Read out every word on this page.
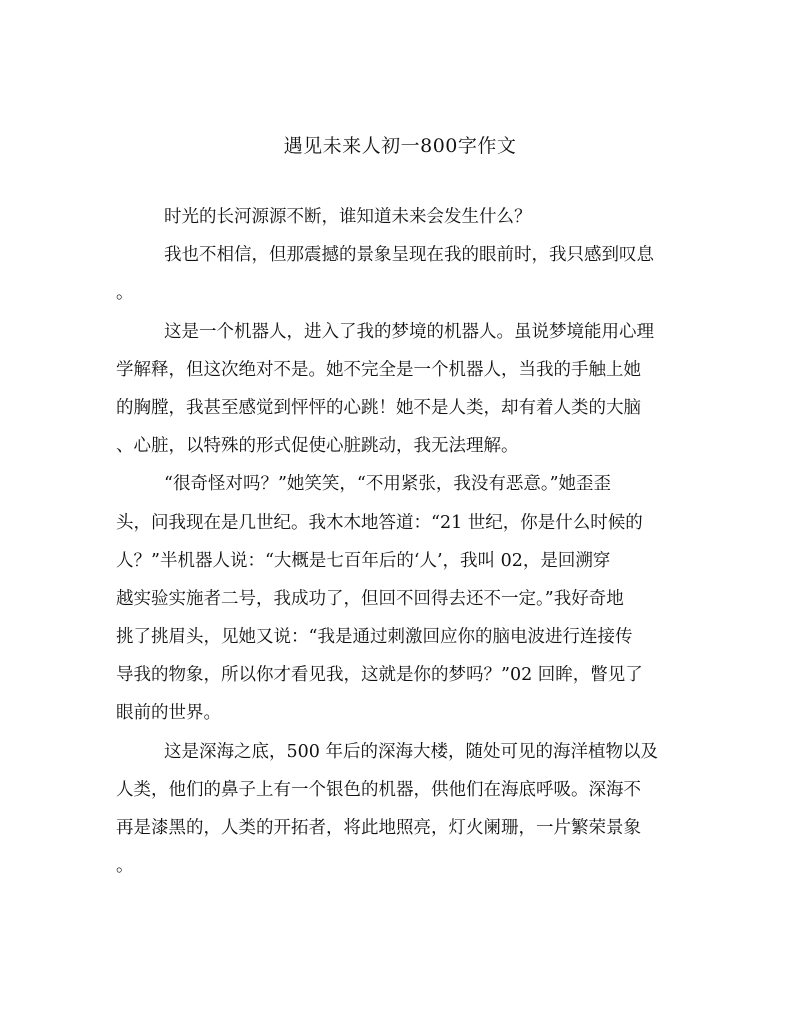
遇见未来人初一800字作文
时光的长河源源不断，谁知道未来会发生什么？
我也不相信，但那震撼的景象呈现在我的眼前时，我只感到叹息
。
这是一个机器人，进入了我的梦境的机器人。虽说梦境能用心理
学解释，但这次绝对不是。她不完全是一个机器人，当我的手触上她
的胸膛，我甚至感觉到怦怦的心跳！她不是人类，却有着人类的大脑
、心脏，以特殊的形式促使心脏跳动，我无法理解。
“很奇怪对吗？”她笑笑，“不用紧张，我没有恶意。”她歪歪
头，问我现在是几世纪。我木木地答道：“21 世纪，你是什么时候的
人？”半机器人说：“大概是七百年后的‘人’，我叫 02，是回溯穿
越实验实施者二号，我成功了，但回不回得去还不一定。”我好奇地
挑了挑眉头，见她又说：“我是通过刺激回应你的脑电波进行连接传
导我的物象，所以你才看见我，这就是你的梦吗？”02 回眸，瞥见了
眼前的世界。
这是深海之底，500 年后的深海大楼，随处可见的海洋植物以及
人类，他们的鼻子上有一个银色的机器，供他们在海底呼吸。深海不
再是漆黑的，人类的开拓者，将此地照亮，灯火阑珊，一片繁荣景象
。
